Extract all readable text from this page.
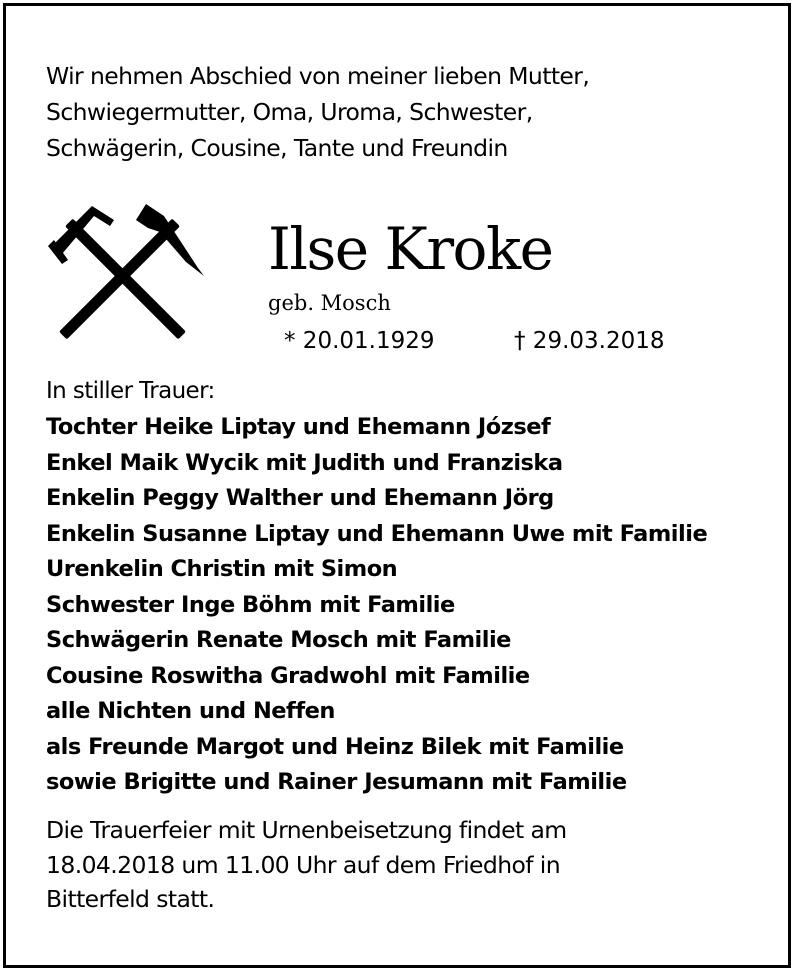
Wir nehmen Abschied von meiner lieben Mutter,
Schwiegermutter, Oma, Uroma, Schwester,
Schwägerin, Cousine, Tante und Freundin
Ilse Kroke
geb. Mosch
* 20.01.1929	† 29.03.2018
In stiller Trauer:
Tochter Heike Liptay und Ehemann József
Enkel Maik Wycik mit Judith und Franziska
Enkelin Peggy Walther und Ehemann Jörg
Enkelin Susanne Liptay und Ehemann Uwe mit Familie
Urenkelin Christin mit Simon
Schwester Inge Böhm mit Familie
Schwägerin Renate Mosch mit Familie
Cousine Roswitha Gradwohl mit Familie
alle Nichten und Neffen
als Freunde Margot und Heinz Bilek mit Familie
sowie Brigitte und Rainer Jesumann mit Familie
Die Trauerfeier mit Urnenbeisetzung findet am
18.04.2018 um 11.00 Uhr auf dem Friedhof in
Bitterfeld statt.
